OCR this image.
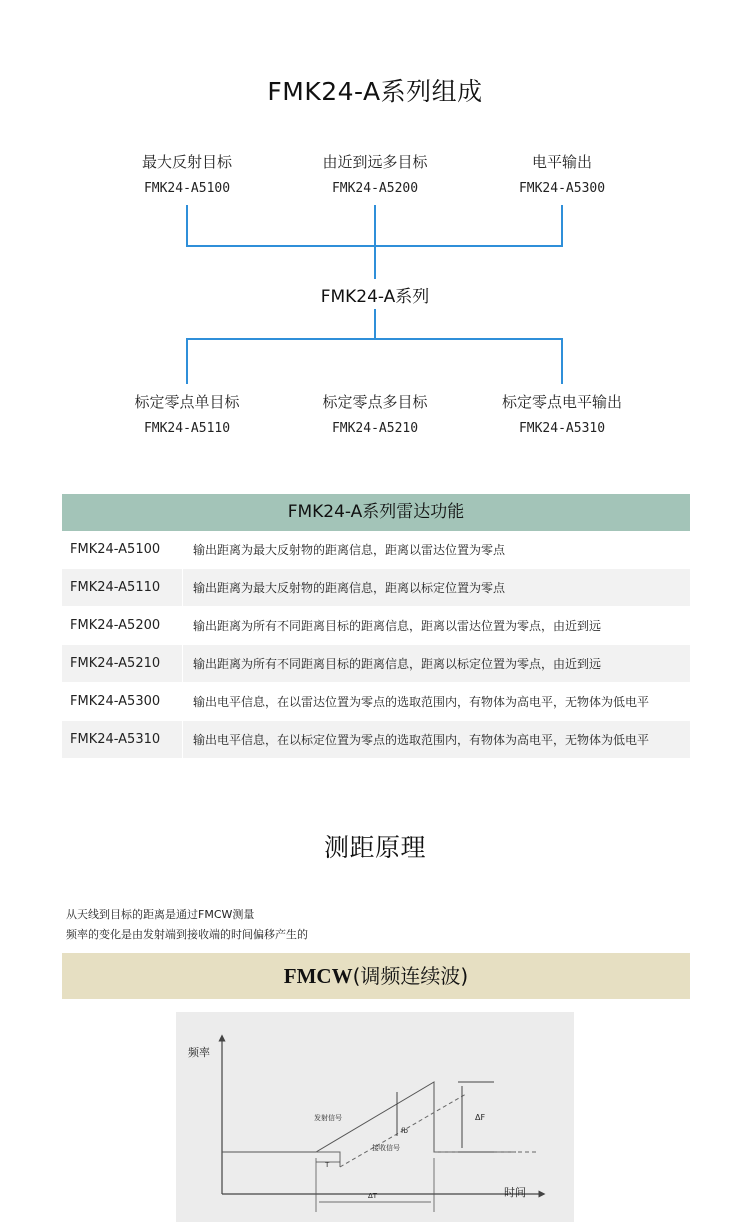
FMK24-A系列组成
最大反射目标
FMK24-A5100
由近到远多目标
FMK24-A5200
电平输出
FMK24-A5300
FMK24-A系列
标定零点单目标
FMK24-A5110
标定零点多目标
FMK24-A5210
标定零点电平输出
FMK24-A5310
FMK24-A系列雷达功能
FMK24-A5100	输出距离为最大反射物的距离信息，距离以雷达位置为零点
FMK24-A5110	输出距离为最大反射物的距离信息，距离以标定位置为零点
FMK24-A5200	输出距离为所有不同距离目标的距离信息，距离以雷达位置为零点，由近到远
FMK24-A5210	输出距离为所有不同距离目标的距离信息，距离以标定位置为零点，由近到远
FMK24-A5300	输出电平信息，在以雷达位置为零点的选取范围内，有物体为高电平，无物体为低电平
FMK24-A5310	输出电平信息，在以标定位置为零点的选取范围内，有物体为高电平，无物体为低电平
测距原理
从天线到目标的距离是通过FMCW测量
频率的变化是由发射端到接收端的时间偏移产生的
FMCW(调频连续波)
频率
时间
ΔF
fb
发射信号
接收信号
T
ΔT
